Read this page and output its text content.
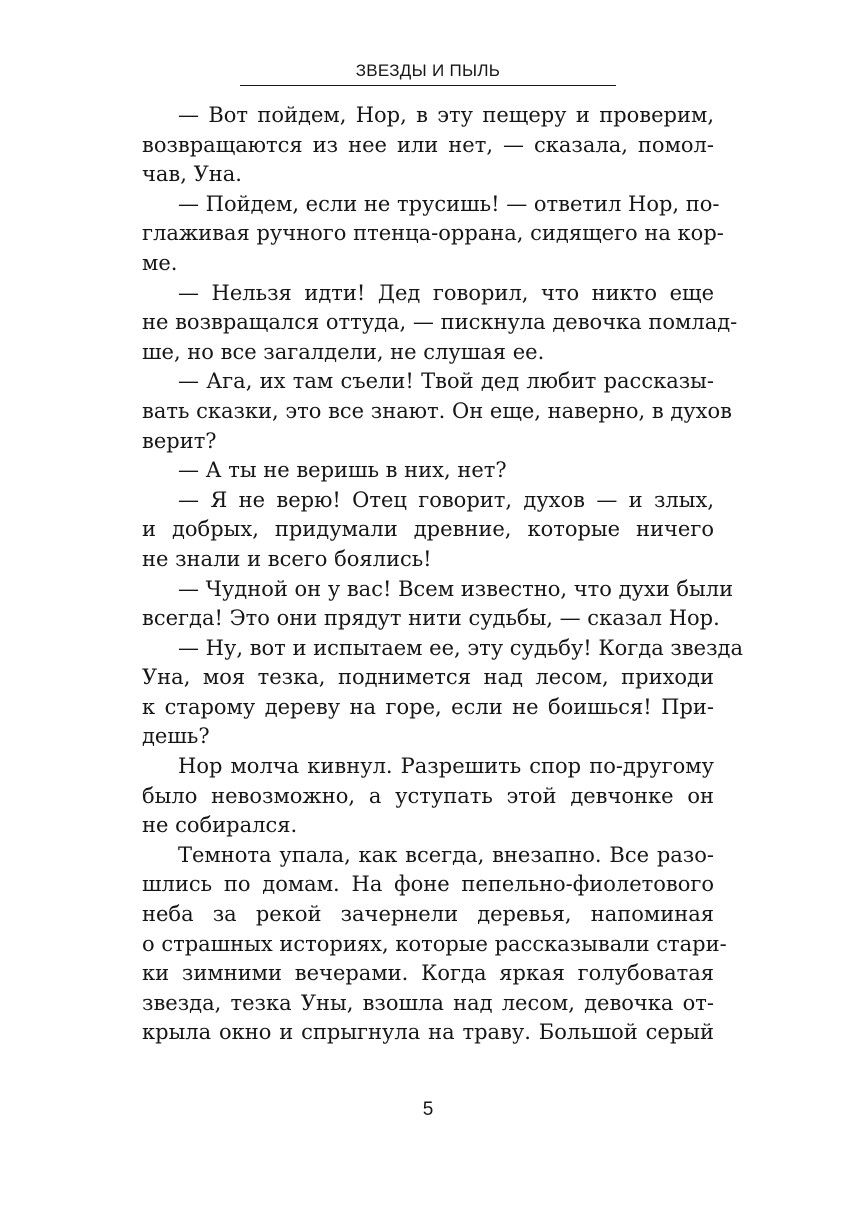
ЗВЕЗДЫ И ПЫЛЬ
— Вот пойдем, Нор, в эту пещеру и проверим,
возвращаются из нее или нет, — сказала, помол-
чав, Уна.
— Пойдем, если не трусишь! — ответил Нор, по-
глаживая ручного птенца-оррана, сидящего на кор-
ме.
— Нельзя идти! Дед говорил, что никто еще
не возвращался оттуда, — пискнула девочка помлад-
ше, но все загалдели, не слушая ее.
— Ага, их там съели! Твой дед любит рассказы-
вать сказки, это все знают. Он еще, наверно, в духов
верит?
— А ты не веришь в них, нет?
— Я не верю! Отец говорит, духов — и злых,
и добрых, придумали древние, которые ничего
не знали и всего боялись!
— Чудной он у вас! Всем известно, что духи были
всегда! Это они прядут нити судьбы, — сказал Нор.
— Ну, вот и испытаем ее, эту судьбу! Когда звезда
Уна, моя тезка, поднимется над лесом, приходи
к старому дереву на горе, если не боишься! При-
дешь?
Нор молча кивнул. Разрешить спор по-другому
было невозможно, а уступать этой девчонке он
не собирался.
Темнота упала, как всегда, внезапно. Все разо-
шлись по домам. На фоне пепельно-фиолетового
неба за рекой зачернели деревья, напоминая
о страшных историях, которые рассказывали стари-
ки зимними вечерами. Когда яркая голубоватая
звезда, тезка Уны, взошла над лесом, девочка от-
крыла окно и спрыгнула на траву. Большой серый
5
